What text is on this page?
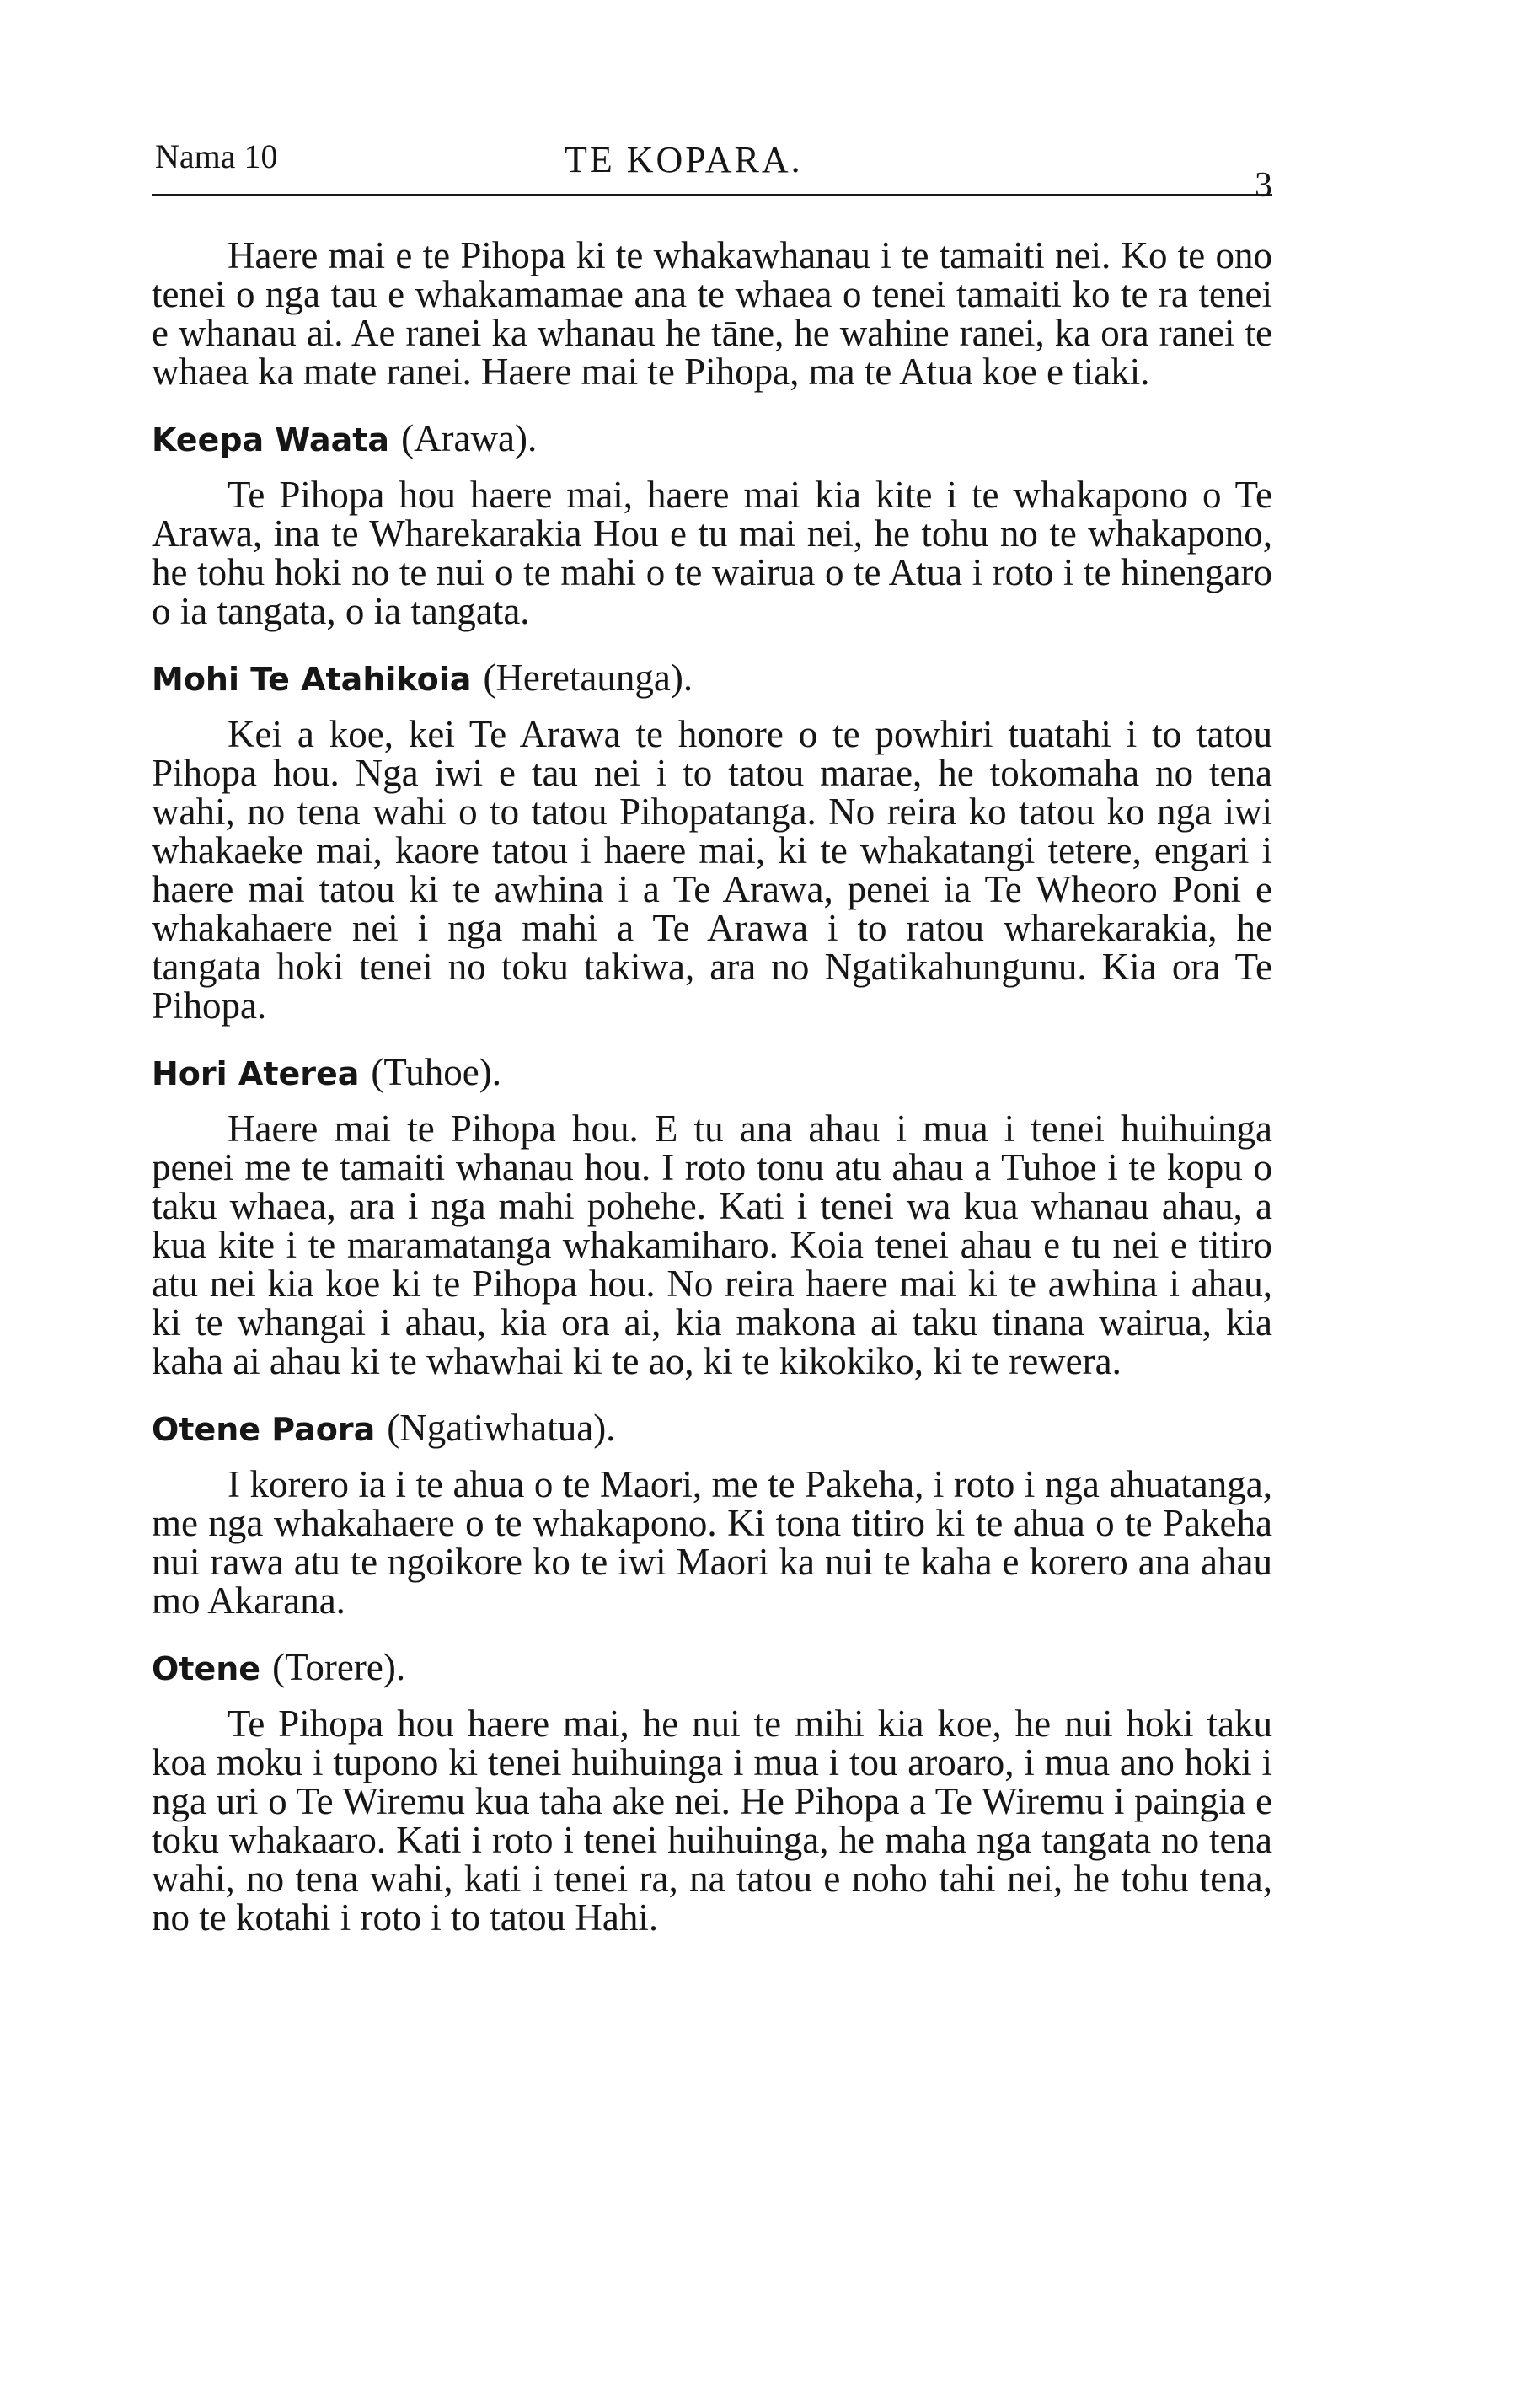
Nama 10	TE KOPARA.
3

Haere mai e te Pihopa ki te whakawhanau i te tamaiti nei. Ko te ono tenei o nga tau e whakamamae ana te whaea o tenei tamaiti ko te ra tenei e whanau ai. Ae ranei ka whanau he tāne, he wahine ranei, ka ora ranei te whaea ka mate ranei. Haere mai te Pihopa, ma te Atua koe e tiaki.

Keepa Waata (Arawa).

Te Pihopa hou haere mai, haere mai kia kite i te whakapono o Te Arawa, ina te Wharekarakia Hou e tu mai nei, he tohu no te whakapono, he tohu hoki no te nui o te mahi o te wairua o te Atua i roto i te hinengaro o ia tangata, o ia tangata.

Mohi Te Atahikoia (Heretaunga).

Kei a koe, kei Te Arawa te honore o te powhiri tuatahi i to tatou Pihopa hou. Nga iwi e tau nei i to tatou marae, he tokomaha no tena wahi, no tena wahi o to tatou Pihopatanga. No reira ko tatou ko nga iwi whakaeke mai, kaore tatou i haere mai, ki te whakatangi tetere, engari i haere mai tatou ki te awhina i a Te Arawa, penei ia Te Wheoro Poni e whakahaere nei i nga mahi a Te Arawa i to ratou wharekarakia, he tangata hoki tenei no toku takiwa, ara no Ngatikahungunu. Kia ora Te Pihopa.

Hori Aterea (Tuhoe).

Haere mai te Pihopa hou. E tu ana ahau i mua i tenei huihuinga penei me te tamaiti whanau hou. I roto tonu atu ahau a Tuhoe i te kopu o taku whaea, ara i nga mahi pohehe. Kati i tenei wa kua whanau ahau, a kua kite i te maramatanga whakamiharo. Koia tenei ahau e tu nei e titiro atu nei kia koe ki te Pihopa hou. No reira haere mai ki te awhina i ahau, ki te whangai i ahau, kia ora ai, kia makona ai taku tinana wairua, kia kaha ai ahau ki te whawhai ki te ao, ki te kikokiko, ki te rewera.

Otene Paora (Ngatiwhatua).

I korero ia i te ahua o te Maori, me te Pakeha, i roto i nga ahuatanga, me nga whakahaere o te whakapono. Ki tona titiro ki te ahua o te Pakeha nui rawa atu te ngoikore ko te iwi Maori ka nui te kaha e korero ana ahau mo Akarana.

Otene (Torere).

Te Pihopa hou haere mai, he nui te mihi kia koe, he nui hoki taku koa moku i tupono ki tenei huihuinga i mua i tou aroaro, i mua ano hoki i nga uri o Te Wiremu kua taha ake nei. He Pihopa a Te Wiremu i paingia e toku whakaaro. Kati i roto i tenei huihuinga, he maha nga tangata no tena wahi, no tena wahi, kati i tenei ra, na tatou e noho tahi nei, he tohu tena, no te kotahi i roto i to tatou Hahi.
